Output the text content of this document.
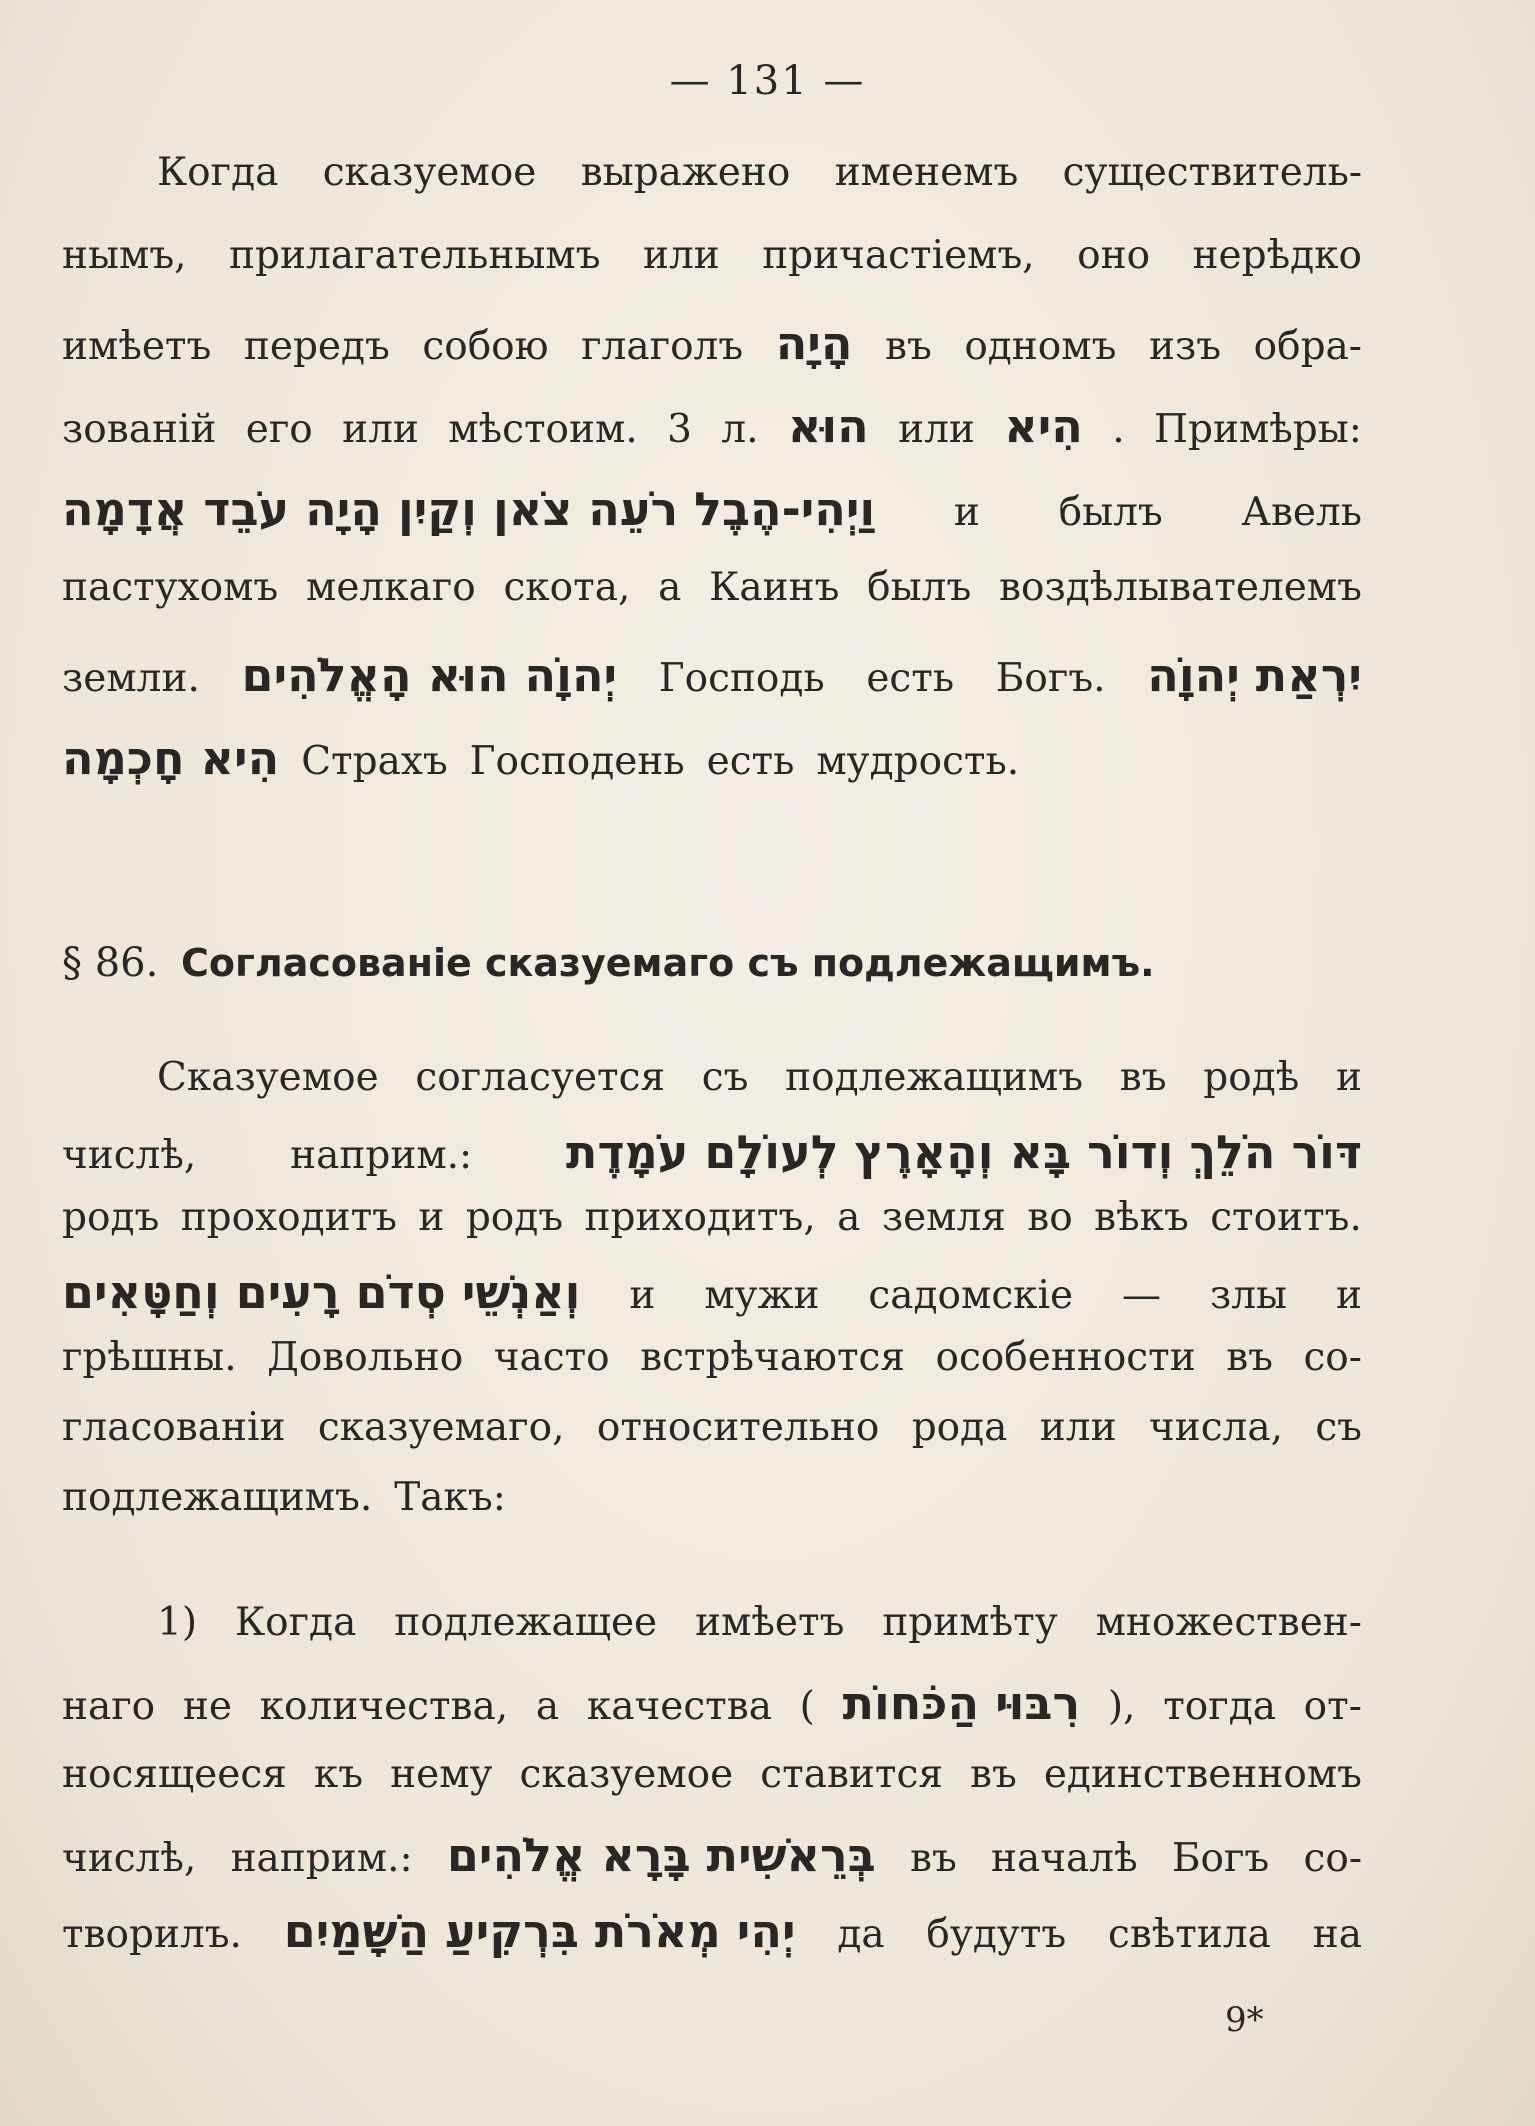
— 131 —
Когда сказуемое выражено именемъ существитель-
нымъ, прилагательнымъ или причастіемъ, оно нерѣдко
имѣетъ передъ собою глаголъ הָיָה въ одномъ изъ обра-
зованій его или мѣстоим. 3 л. הוּא или הִיא . Примѣры:
וַיְהִי-הֶבֶל רֹעֵה צֹאן וְקַיִן הָיָה עֹבֵד אֲדָמָה и былъ Авель
пастухомъ мелкаго скота, а Каинъ былъ воздѣлывателемъ
земли. יְהוָֹה הוּא הָאֱלֹהִים Господь есть Богъ. יִרְאַת יְהוָֹה
הִיא חָכְמָה Страхъ Господень есть мудрость.
§ 86. Согласованіе сказуемаго съ подлежащимъ.
Сказуемое согласуется съ подлежащимъ въ родѣ и
числѣ, наприм.: דּוֹר הֹלֵךְ וְדוֹר בָּא וְהָאָרֶץ לְעוֹלָם עֹמָדֶת
родъ проходитъ и родъ приходитъ, а земля во вѣкъ стоитъ.
וְאַנְשֵׁי סְדֹם רָעִים וְחַטָּאִים и мужи садомскіе — злы и
грѣшны. Довольно часто встрѣчаются особенности въ со-
гласованіи сказуемаго, относительно рода или числа, съ
подлежащимъ. Такъ:
1) Когда подлежащее имѣетъ примѣту множествен-
наго не количества, а качества ( רִבּוּי הַכֹּחוֹת ), тогда от-
носящееся къ нему сказуемое ставится въ единственномъ
числѣ, наприм.: בְּרֵאשִׁית בָּרָא אֱלֹהִים въ началѣ Богъ со-
творилъ. יְהִי מְאֹרֹת בִּרְקִיעַ הַשָּׁמַיִם да будутъ свѣтила на
9*
